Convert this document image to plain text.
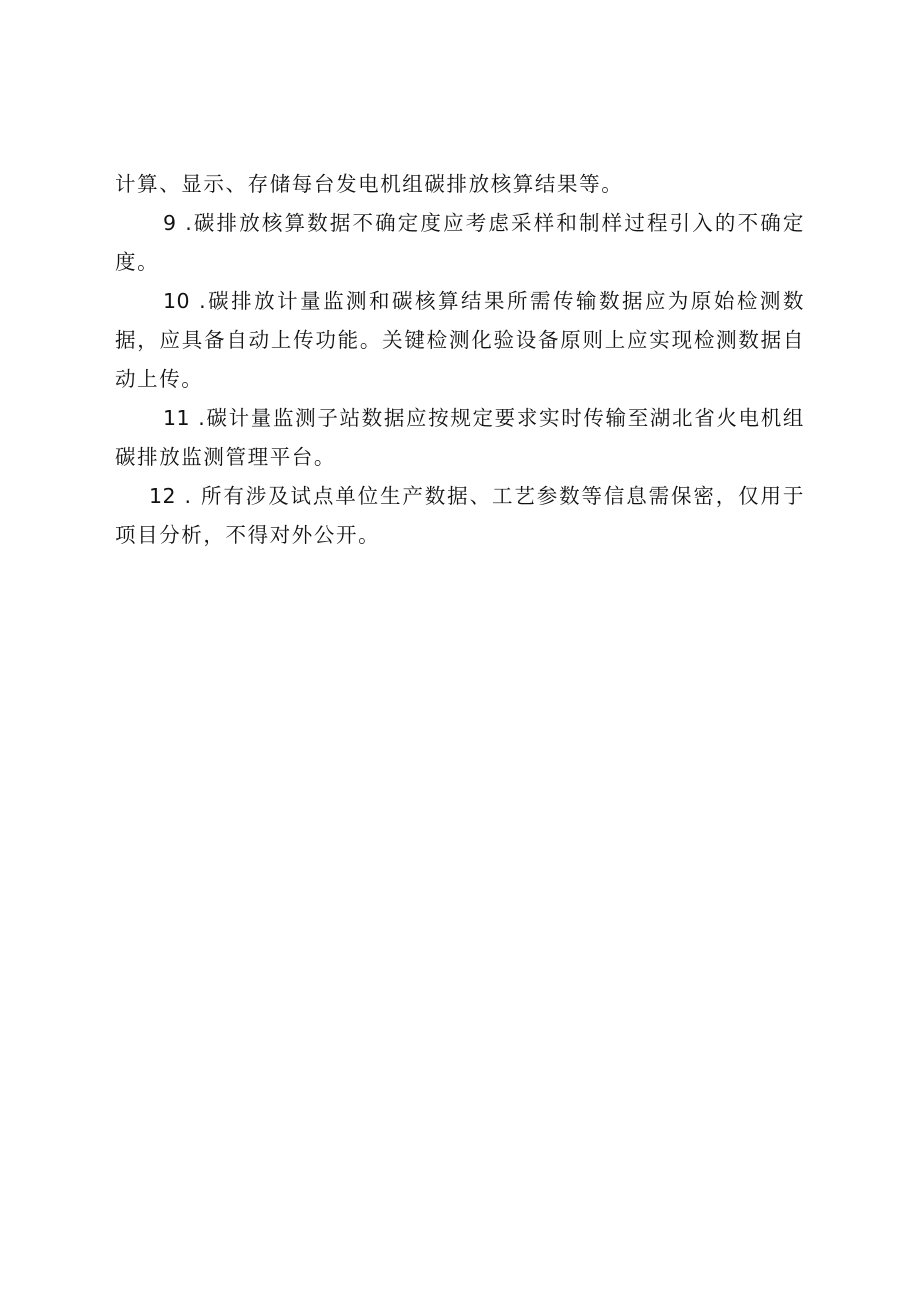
计算、显示、存储每台发电机组碳排放核算结果等。

9 .碳排放核算数据不确定度应考虑采样和制样过程引入的不确定度。

10 .碳排放计量监测和碳核算结果所需传输数据应为原始检测数据，应具备自动上传功能。关键检测化验设备原则上应实现检测数据自动上传。

11 .碳计量监测子站数据应按规定要求实时传输至湖北省火电机组碳排放监测管理平台。

12 . 所有涉及试点单位生产数据、工艺参数等信息需保密，仅用于项目分析，不得对外公开。
